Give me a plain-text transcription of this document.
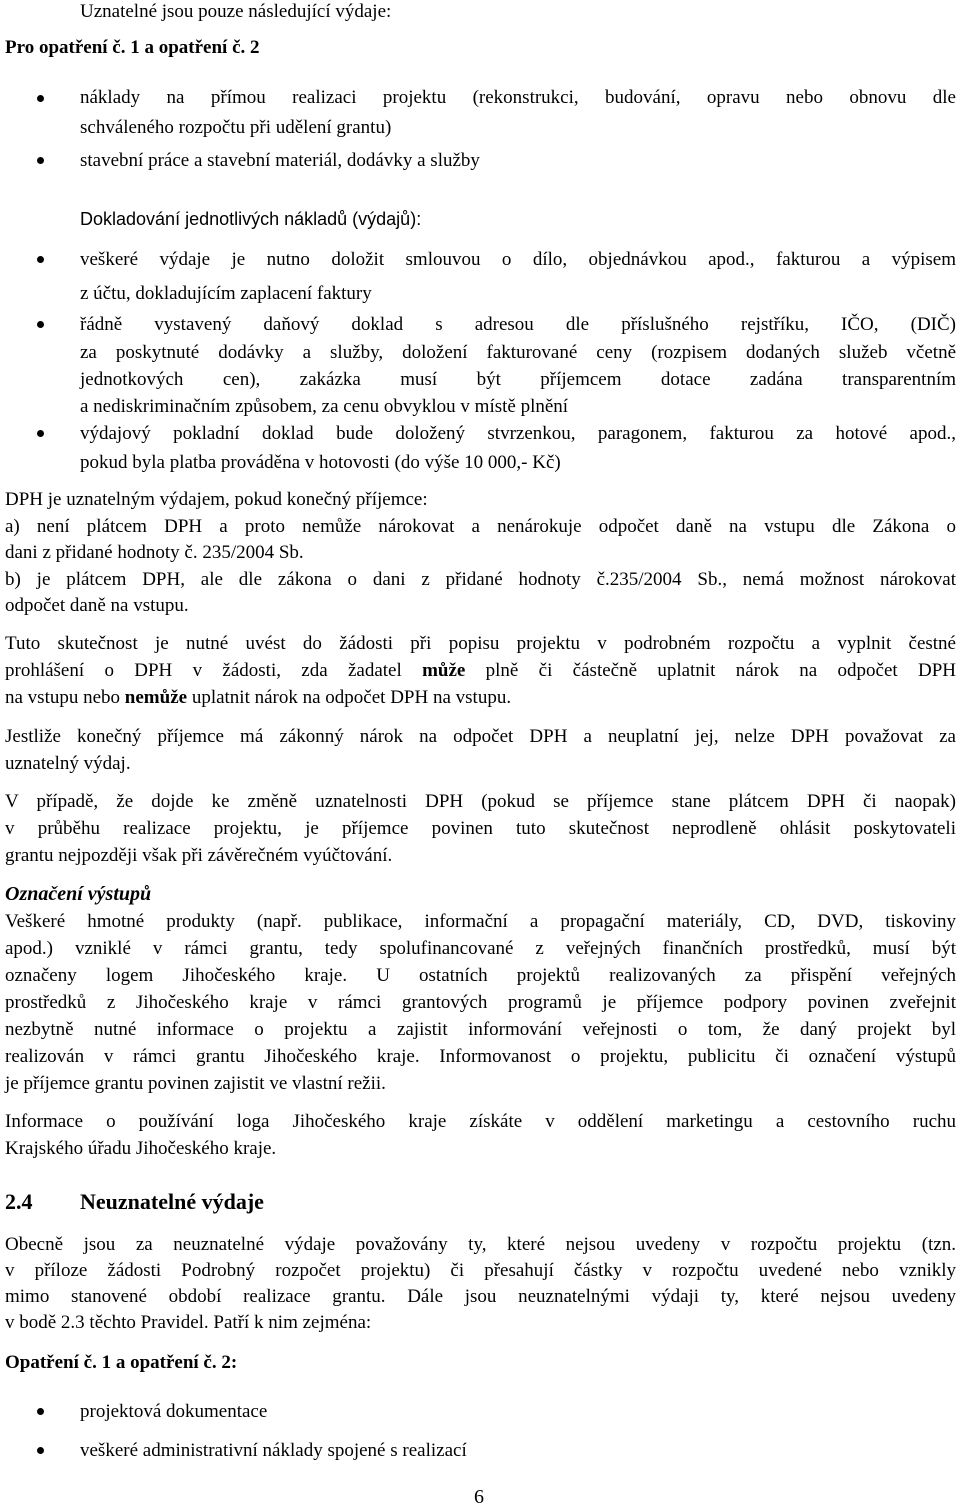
Uznatelné jsou pouze následující výdaje:
Pro opatření č. 1 a opatření č. 2
náklady na přímou realizaci projektu (rekonstrukci, budování, opravu nebo obnovu dle
schváleného rozpočtu při udělení grantu)
stavební práce a stavební materiál, dodávky a služby
Dokladování jednotlivých nákladů (výdajů):
veškeré výdaje je nutno doložit smlouvou o dílo, objednávkou apod., fakturou a výpisem
z účtu, dokladujícím zaplacení faktury
řádně vystavený daňový doklad s adresou dle příslušného rejstříku, IČO, (DIČ)
za poskytnuté dodávky a služby, doložení fakturované ceny (rozpisem dodaných služeb včetně
jednotkových cen), zakázka musí být příjemcem dotace zadána transparentním
a nediskriminačním způsobem, za cenu obvyklou v místě plnění
výdajový pokladní doklad bude doložený stvrzenkou, paragonem, fakturou za hotové apod.,
pokud byla platba prováděna v hotovosti (do výše 10 000,- Kč)
DPH je uznatelným výdajem, pokud konečný příjemce:
a) není plátcem DPH a proto nemůže nárokovat a nenárokuje odpočet daně na vstupu dle Zákona o
dani z přidané hodnoty č. 235/2004 Sb.
b) je plátcem DPH, ale dle zákona o dani z přidané hodnoty č.235/2004 Sb., nemá možnost nárokovat
odpočet daně na vstupu.
Tuto skutečnost je nutné uvést do žádosti při popisu projektu v podrobném rozpočtu a vyplnit čestné
prohlášení o DPH v žádosti, zda žadatel může plně či částečně uplatnit nárok na odpočet DPH
na vstupu nebo nemůže uplatnit nárok na odpočet DPH na vstupu.
Jestliže konečný příjemce má zákonný nárok na odpočet DPH a neuplatní jej, nelze DPH považovat za
uznatelný výdaj.
V případě, že dojde ke změně uznatelnosti DPH (pokud se příjemce stane plátcem DPH či naopak)
v průběhu realizace projektu, je příjemce povinen tuto skutečnost neprodleně ohlásit poskytovateli
grantu nejpozději však při závěrečném vyúčtování.
Označení výstupů
Veškeré hmotné produkty (např. publikace, informační a propagační materiály, CD, DVD, tiskoviny
apod.) vzniklé v rámci grantu, tedy spolufinancované z veřejných finančních prostředků, musí být
označeny logem Jihočeského kraje. U ostatních projektů realizovaných za přispění veřejných
prostředků z Jihočeského kraje v rámci grantových programů je příjemce podpory povinen zveřejnit
nezbytně nutné informace o projektu a zajistit informování veřejnosti o tom, že daný projekt byl
realizován v rámci grantu Jihočeského kraje. Informovanost o projektu, publicitu či označení výstupů
je příjemce grantu povinen zajistit ve vlastní režii.
Informace o používání loga Jihočeského kraje získáte v oddělení marketingu a cestovního ruchu
Krajského úřadu Jihočeského kraje.
2.4 Neuznatelné výdaje
Obecně jsou za neuznatelné výdaje považovány ty, které nejsou uvedeny v rozpočtu projektu (tzn.
v příloze žádosti Podrobný rozpočet projektu) či přesahují částky v rozpočtu uvedené nebo vznikly
mimo stanovené období realizace grantu. Dále jsou neuznatelnými výdaji ty, které nejsou uvedeny
v bodě 2.3 těchto Pravidel. Patří k nim zejména:
Opatření č. 1 a opatření č. 2:
projektová dokumentace
veškeré administrativní náklady spojené s realizací
6
